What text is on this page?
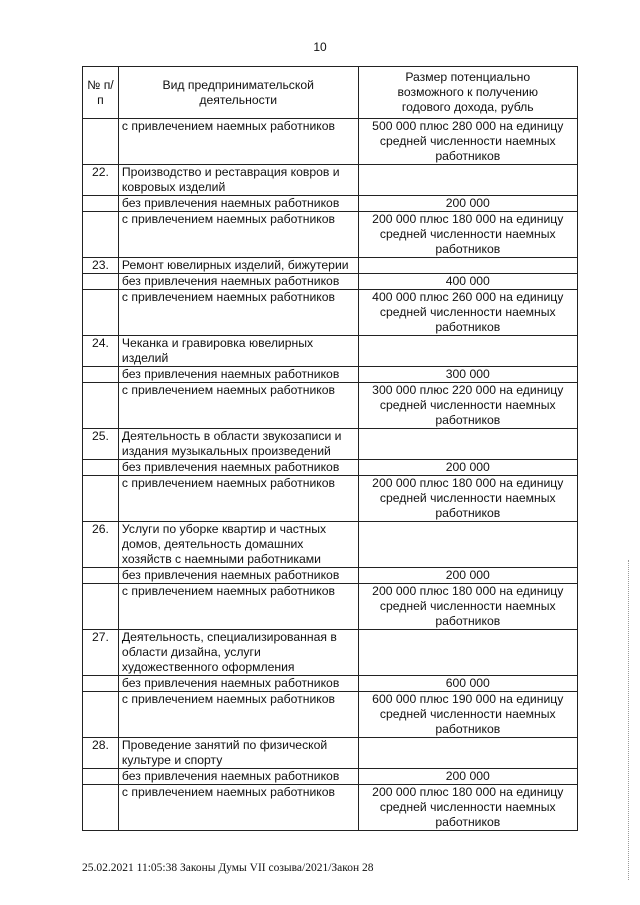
10
№ п/п	Вид предпринимательской деятельности	Размер потенциально возможного к получению годового дохода, рубль
	с привлечением наемных работников	500 000 плюс 280 000 на единицу средней численности наемных работников
22.	Производство и реставрация ковров и ковровых изделий	
	без привлечения наемных работников	200 000
	с привлечением наемных работников	200 000 плюс 180 000 на единицу средней численности наемных работников
23.	Ремонт ювелирных изделий, бижутерии	
	без привлечения наемных работников	400 000
	с привлечением наемных работников	400 000 плюс 260 000 на единицу средней численности наемных работников
24.	Чеканка и гравировка ювелирных изделий	
	без привлечения наемных работников	300 000
	с привлечением наемных работников	300 000 плюс 220 000 на единицу средней численности наемных работников
25.	Деятельность в области звукозаписи и издания музыкальных произведений	
	без привлечения наемных работников	200 000
	с привлечением наемных работников	200 000 плюс 180 000 на единицу средней численности наемных работников
26.	Услуги по уборке квартир и частных домов, деятельность домашних хозяйств с наемными работниками	
	без привлечения наемных работников	200 000
	с привлечением наемных работников	200 000 плюс 180 000 на единицу средней численности наемных работников
27.	Деятельность, специализированная в области дизайна, услуги художественного оформления	
	без привлечения наемных работников	600 000
	с привлечением наемных работников	600 000 плюс 190 000 на единицу средней численности наемных работников
28.	Проведение занятий по физической культуре и спорту	
	без привлечения наемных работников	200 000
	с привлечением наемных работников	200 000 плюс 180 000 на единицу средней численности наемных работников
25.02.2021 11:05:38 Законы Думы VII созыва/2021/Закон 28
